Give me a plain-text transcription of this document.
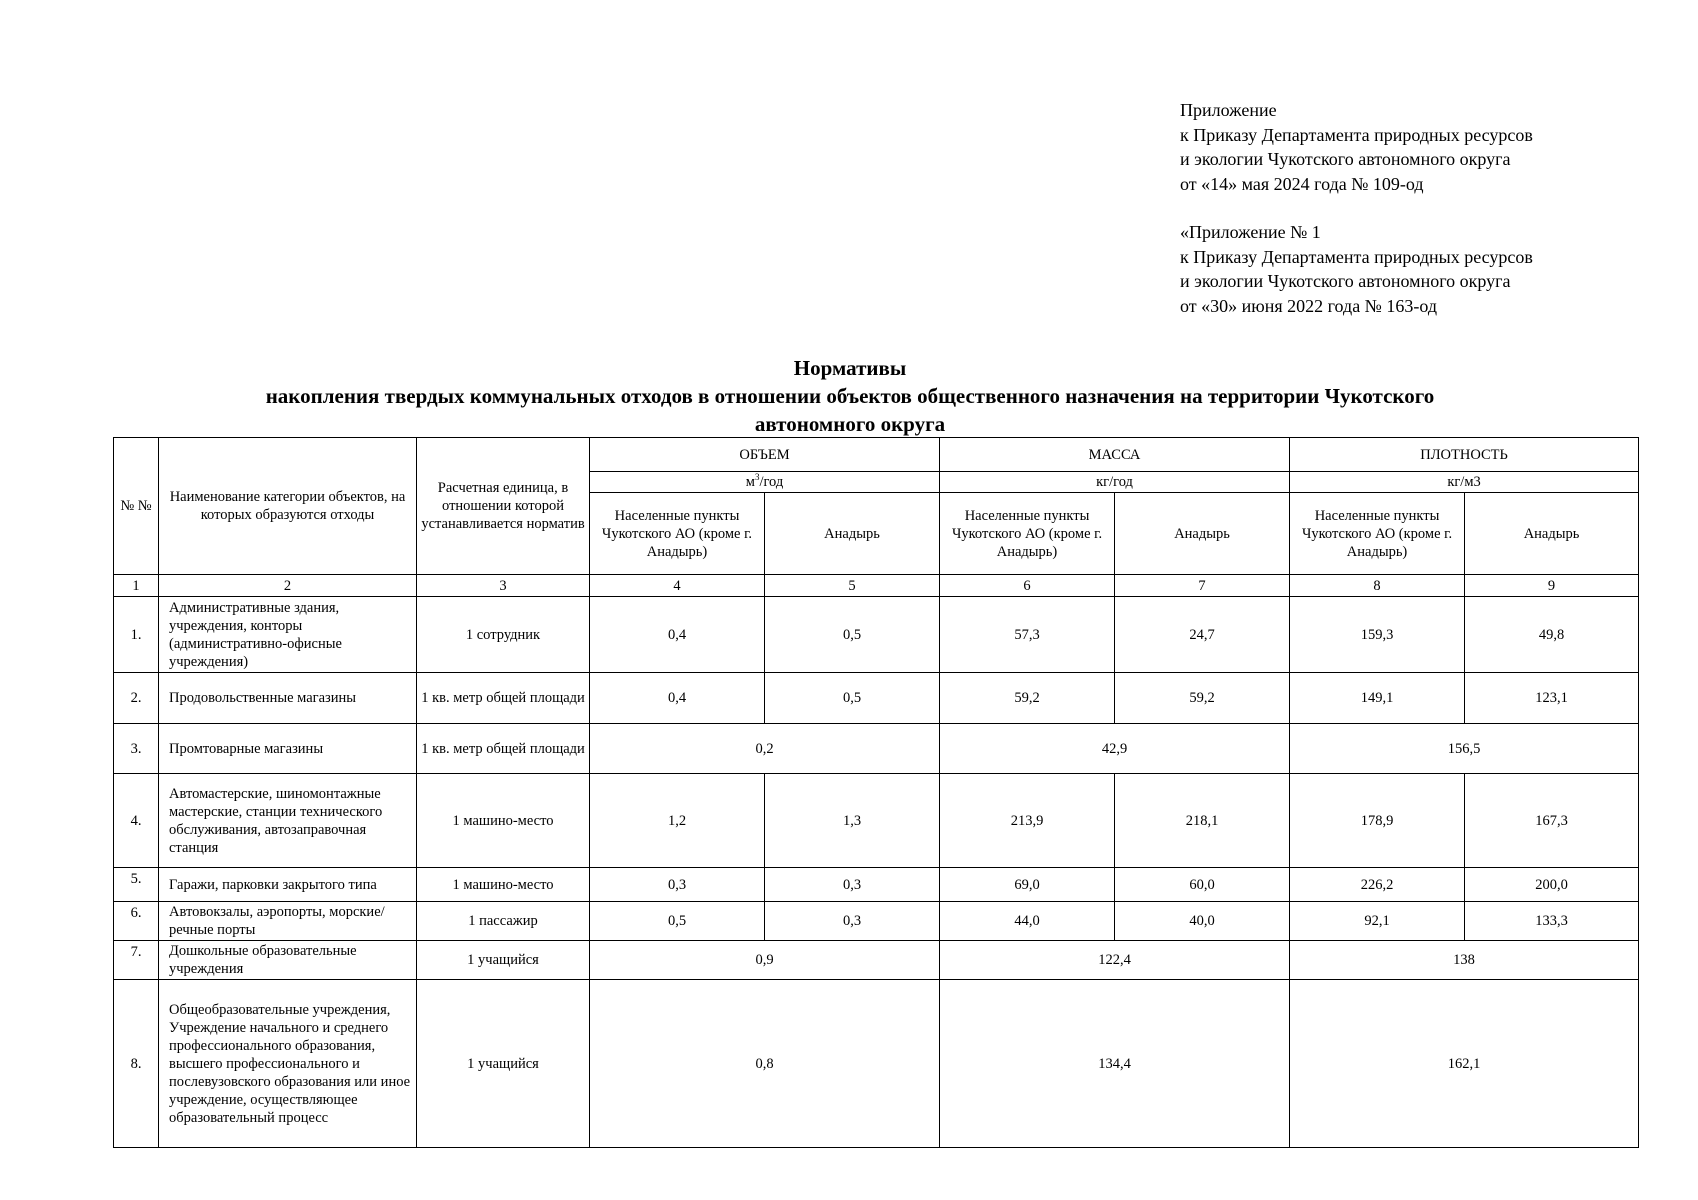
Приложение
к Приказу Департамента природных ресурсов
и экологии Чукотского автономного округа
от «14» мая 2024 года № 109-од
«Приложение № 1
к Приказу Департамента природных ресурсов
и экологии Чукотского автономного округа
от «30» июня 2022 года № 163-од
Нормативы
накопления твердых коммунальных отходов в отношении объектов общественного назначения на территории Чукотского
автономного округа
№ №	Наименование категории объектов, на которых образуются отходы	Расчетная единица, в отношении которой устанавливается норматив	ОБЪЕМ		МАССА		ПЛОТНОСТЬ	
			$м^3$/год		кг/год		кг/м3	
			Населенные пункты Чукотского АО (кроме г. Анадырь)	Анадырь	Населенные пункты Чукотского АО (кроме г. Анадырь)	Анадырь	Населенные пункты Чукотского АО (кроме г. Анадырь)	Анадырь
1	2	3	4	5	6	7	8	9
1.	Административные здания, учреждения, конторы (административно-офисные учреждения)	1 сотрудник	0,4	0,5	57,3	24,7	159,3	49,8
2.	Продовольственные магазины	1 кв. метр общей площади	0,4	0,5	59,2	59,2	149,1	123,1
3.	Промтоварные магазины	1 кв. метр общей площади	0,2		42,9		156,5	
4.	Автомастерские, шиномонтажные мастерские, станции технического обслуживания, автозаправочная станция	1 машино-место	1,2	1,3	213,9	218,1	178,9	167,3
5.	Гаражи, парковки закрытого типа	1 машино-место	0,3	0,3	69,0	60,0	226,2	200,0
6.	Автовокзалы, аэропорты, морские/ речные порты	1 пассажир	0,5	0,3	44,0	40,0	92,1	133,3
7.	Дошкольные образовательные учреждения	1 учащийся	0,9		122,4		138	
8.	Общеобразовательные учреждения, Учреждение начального и среднего профессионального образования, высшего профессионального и послевузовского образования или иное учреждение, осуществляющее образовательный процесс	1 учащийся	0,8		134,4		162,1	
